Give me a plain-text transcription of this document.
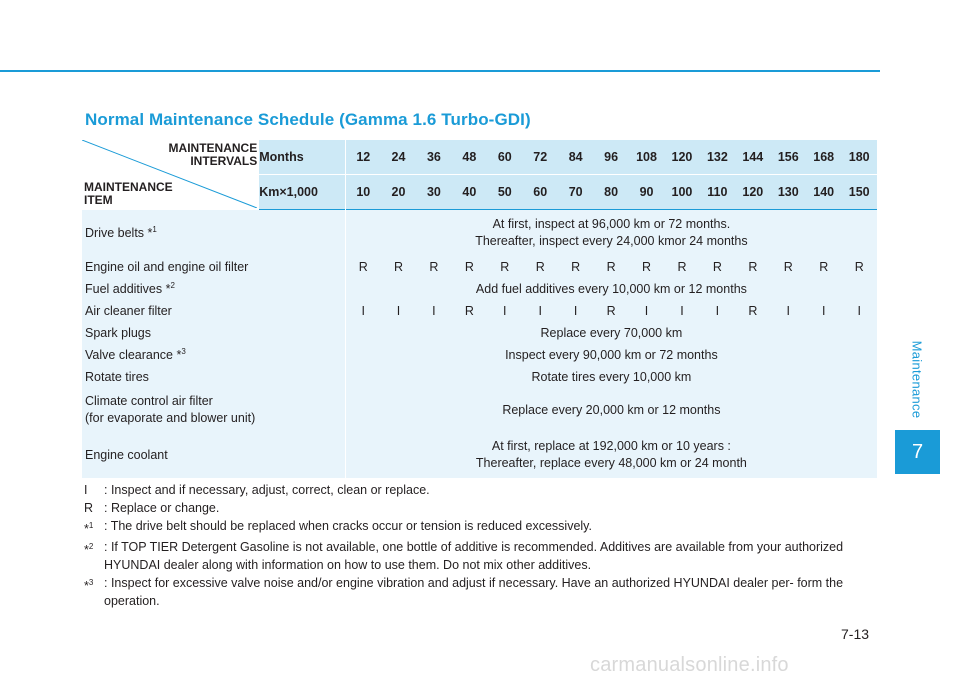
Maintenance
7
Normal Maintenance Schedule (Gamma 1.6 Turbo-GDI)
MAINTENANCE
INTERVALS
MAINTENANCE
ITEM	Months	12	24	36	48	60	72	84	96	108	120	132	144	156	168	180
	Km×1,000	10	20	30	40	50	60	70	80	90	100	110	120	130	140	150
Drive belts *$^1$		At first, inspect at 96,000 km or 72 months.
Thereafter, inspect every 24,000 kmor 24 months														

Engine oil and engine oil filter		R	R	R	R	R	R	R	R	R	R	R	R	R	R	R
Fuel additives *$^2$		Add fuel additives every 10,000 km or 12 months														
Air cleaner filter		I	I	I	R	I	I	I	R	I	I	I	R	I	I	I
Spark plugs		Replace every 70,000 km														
Valve clearance *$^3$		Inspect every 90,000 km or 72 months														
Rotate tires		Rotate tires every 10,000 km														

Climate control air filter
(for evaporate and blower unit)		Replace every 20,000 km or 12 months														
Engine coolant		At first, replace at 192,000 km or 10 years :
Thereafter, replace every 48,000 km or 24 month														
I	: Inspect and if necessary, adjust, correct, clean or replace.
R : Replace or change.
*$^1$ : The drive belt should be replaced when cracks occur or tension is reduced excessively.
*$^2$ : If TOP TIER Detergent Gasoline is not available, one bottle of additive is recommended. Additives are available from your authorized HYUNDAI dealer along with information on how to use them. Do not mix other additives.
*$^3$ : Inspect for excessive valve noise and/or engine vibration and adjust if necessary. Have an authorized HYUNDAI dealer per- form the operation.
7-13
carmanualsonline.info
